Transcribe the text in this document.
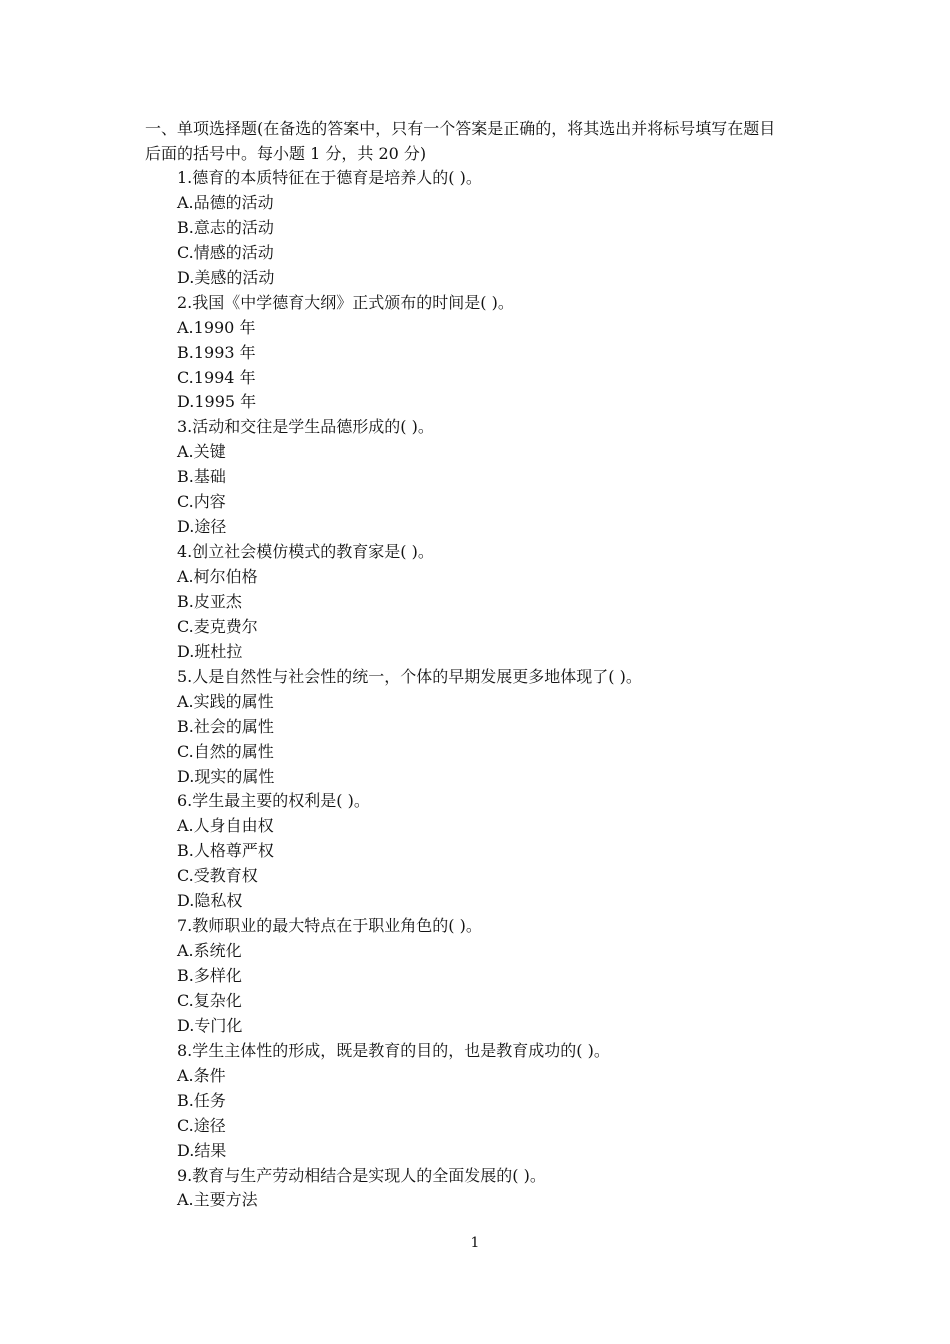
一、单项选择题(在备选的答案中，只有一个答案是正确的，将其选出并将标号填写在题目
后面的括号中。每小题 1 分，共 20 分)
1.德育的本质特征在于德育是培养人的( )。
A.品德的活动
B.意志的活动
C.情感的活动
D.美感的活动
2.我国《中学德育大纲》正式颁布的时间是( )。
A.1990 年
B.1993 年
C.1994 年
D.1995 年
3.活动和交往是学生品德形成的( )。
A.关键
B.基础
C.内容
D.途径
4.创立社会模仿模式的教育家是( )。
A.柯尔伯格
B.皮亚杰
C.麦克费尔
D.班杜拉
5.人是自然性与社会性的统一，个体的早期发展更多地体现了( )。
A.实践的属性
B.社会的属性
C.自然的属性
D.现实的属性
6.学生最主要的权利是( )。
A.人身自由权
B.人格尊严权
C.受教育权
D.隐私权
7.教师职业的最大特点在于职业角色的( )。
A.系统化
B.多样化
C.复杂化
D.专门化
8.学生主体性的形成，既是教育的目的，也是教育成功的( )。
A.条件
B.任务
C.途径
D.结果
9.教育与生产劳动相结合是实现人的全面发展的( )。
A.主要方法
1
